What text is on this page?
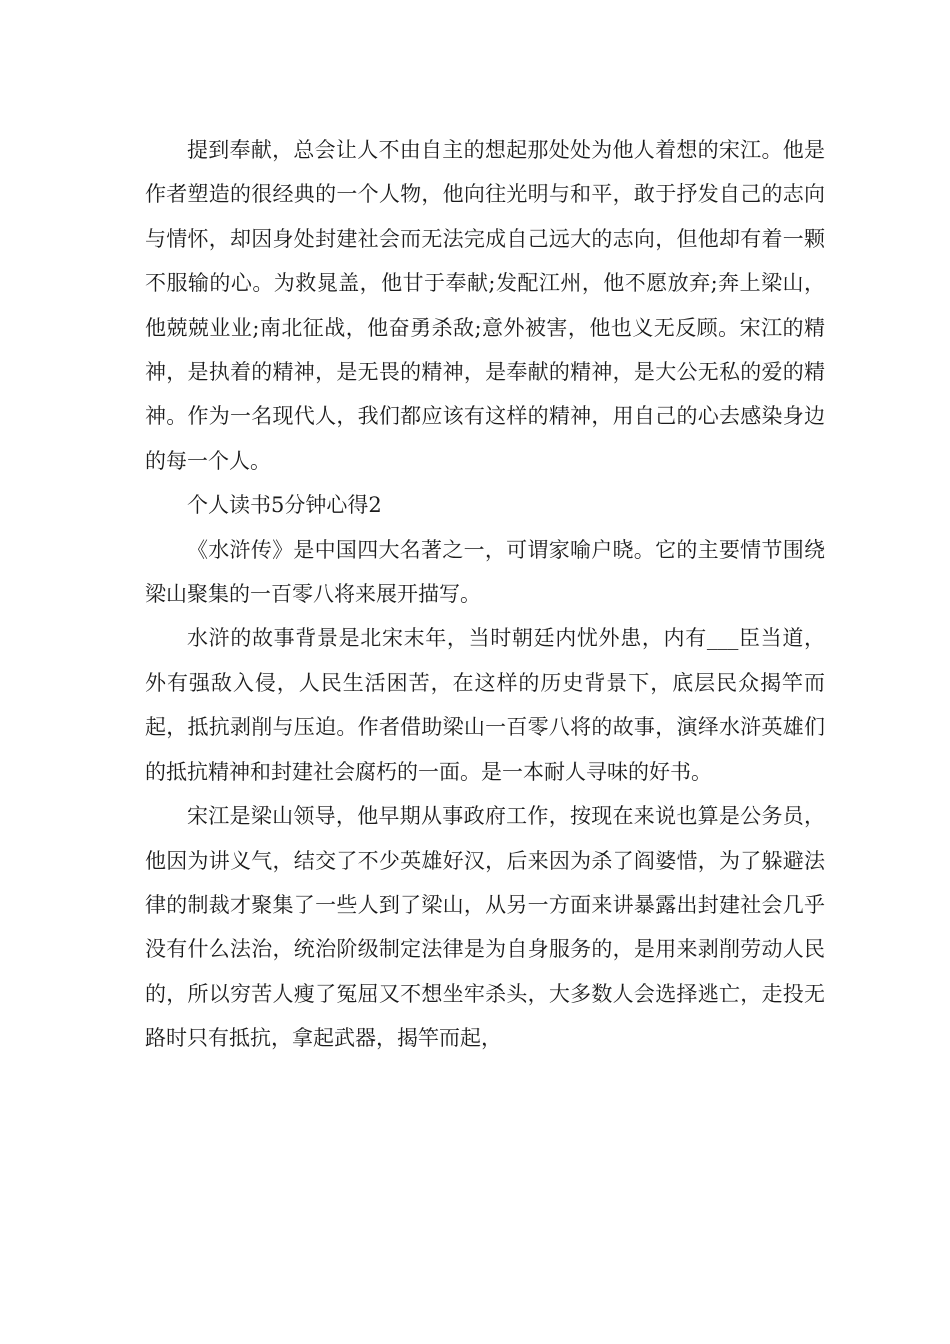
提到奉献，总会让人不由自主的想起那处处为他人着想的宋江。他是作者塑造的很经典的一个人物，他向往光明与和平，敢于抒发自己的志向与情怀，却因身处封建社会而无法完成自己远大的志向，但他却有着一颗不服输的心。为救晁盖，他甘于奉献;发配江州，他不愿放弃;奔上梁山，他兢兢业业;南北征战，他奋勇杀敌;意外被害，他也义无反顾。宋江的精神，是执着的精神，是无畏的精神，是奉献的精神，是大公无私的爱的精神。作为一名现代人，我们都应该有这样的精神，用自己的心去感染身边的每一个人。

个人读书5分钟心得2

《水浒传》是中国四大名著之一，可谓家喻户晓。它的主要情节围绕梁山聚集的一百零八将来展开描写。

水浒的故事背景是北宋末年，当时朝廷内忧外患，内有___臣当道，外有强敌入侵，人民生活困苦，在这样的历史背景下，底层民众揭竿而起，抵抗剥削与压迫。作者借助梁山一百零八将的故事，演绎水浒英雄们的抵抗精神和封建社会腐朽的一面。是一本耐人寻味的好书。

宋江是梁山领导，他早期从事政府工作，按现在来说也算是公务员，他因为讲义气，结交了不少英雄好汉，后来因为杀了阎婆惜，为了躲避法律的制裁才聚集了一些人到了梁山，从另一方面来讲暴露出封建社会几乎没有什么法治，统治阶级制定法律是为自身服务的，是用来剥削劳动人民的，所以穷苦人瘦了冤屈又不想坐牢杀头，大多数人会选择逃亡，走投无路时只有抵抗，拿起武器，揭竿而起，
